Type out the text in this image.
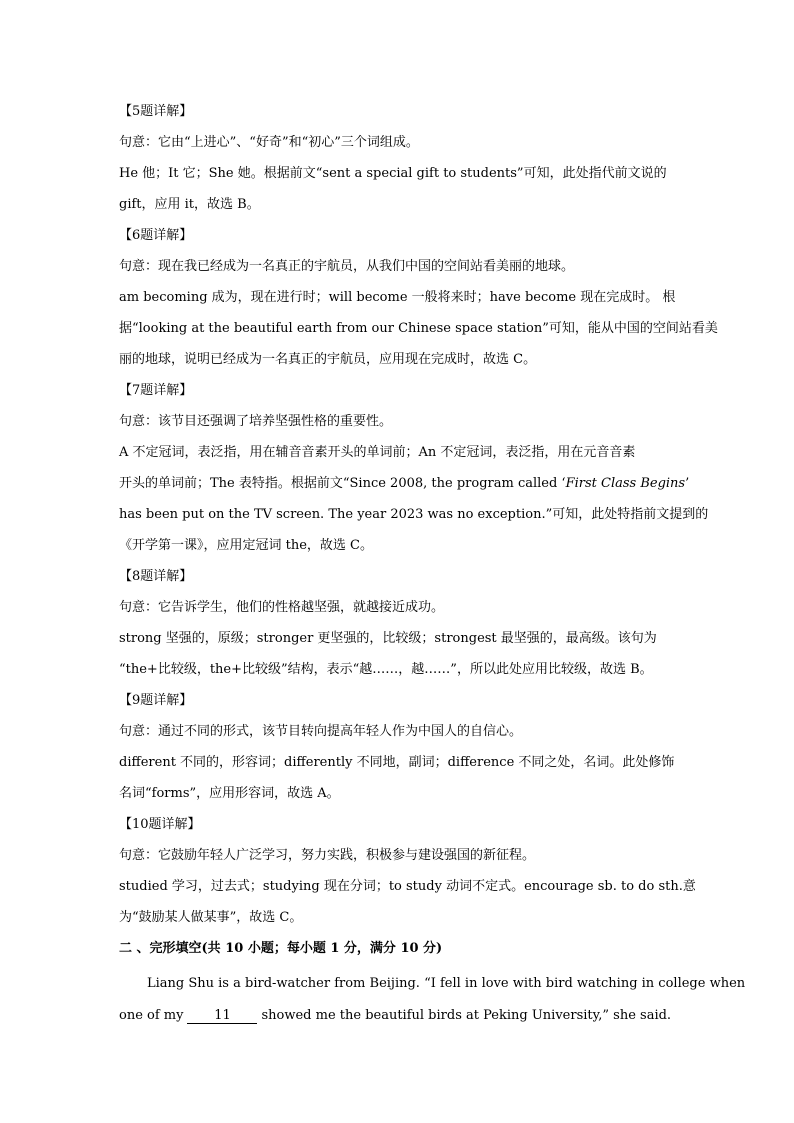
【5题详解】
句意：它由“上进心”、“好奇”和“初心”三个词组成。
He 他；It 它；She 她。根据前文“sent a special gift to students”可知，此处指代前文说的
gift，应用 it，故选 B。
【6题详解】
句意：现在我已经成为一名真正的宇航员，从我们中国的空间站看美丽的地球。
am becoming 成为，现在进行时；will become 一般将来时；have become 现在完成时。 根
据“looking at the beautiful earth from our Chinese space station”可知，能从中国的空间站看美
丽的地球，说明已经成为一名真正的宇航员，应用现在完成时，故选 C。
【7题详解】
句意：该节目还强调了培养坚强性格的重要性。
A 不定冠词，表泛指，用在辅音音素开头的单词前；An 不定冠词，表泛指，用在元音音素
开头的单词前；The 表特指。根据前文“Since 2008, the program called ‘First Class Begins’
has been put on the TV screen. The year 2023 was no exception.”可知，此处特指前文提到的
《开学第一课》，应用定冠词 the，故选 C。
【8题详解】
句意：它告诉学生，他们的性格越坚强，就越接近成功。
strong 坚强的，原级；stronger 更坚强的，比较级；strongest 最坚强的，最高级。该句为
“the+比较级，the+比较级”结构，表示“越……，越……”，所以此处应用比较级，故选 B。
【9题详解】
句意：通过不同的形式，该节目转向提高年轻人作为中国人的自信心。
different 不同的，形容词；differently 不同地，副词；difference 不同之处，名词。此处修饰
名词“forms”，应用形容词，故选 A。
【10题详解】
句意：它鼓励年轻人广泛学习，努力实践，积极参与建设强国的新征程。
studied 学习，过去式；studying 现在分词；to study 动词不定式。encourage sb. to do sth.意
为“鼓励某人做某事”，故选 C。
二 、完形填空(共 10 小题；每小题 1 分，满分 10 分)
Liang Shu is a bird-watcher from Beijing. “I fell in love with bird watching in college when
one of my 11 showed me the beautiful birds at Peking University,” she said.
